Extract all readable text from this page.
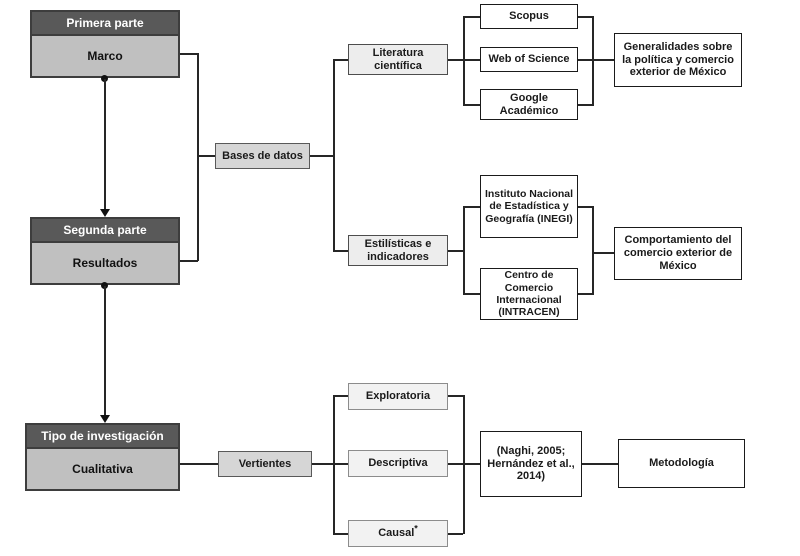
Primera parte
Marco
Segunda parte
Resultados
Tipo de investigación
Cualitativa
Bases de datos
Literatura científica
Estilísticas e indicadores
Scopus
Web of Science
Google Académico
Generalidades sobre la política y comercio exterior de México
Instituto Nacional de Estadística y Geografía (INEGI)
Centro de Comercio Internacional (INTRACEN)
Comportamiento del comercio exterior de México
Vertientes
Exploratoria
Descriptiva
Causal*
(Naghi, 2005; Hernández et al., 2014)
Metodología
